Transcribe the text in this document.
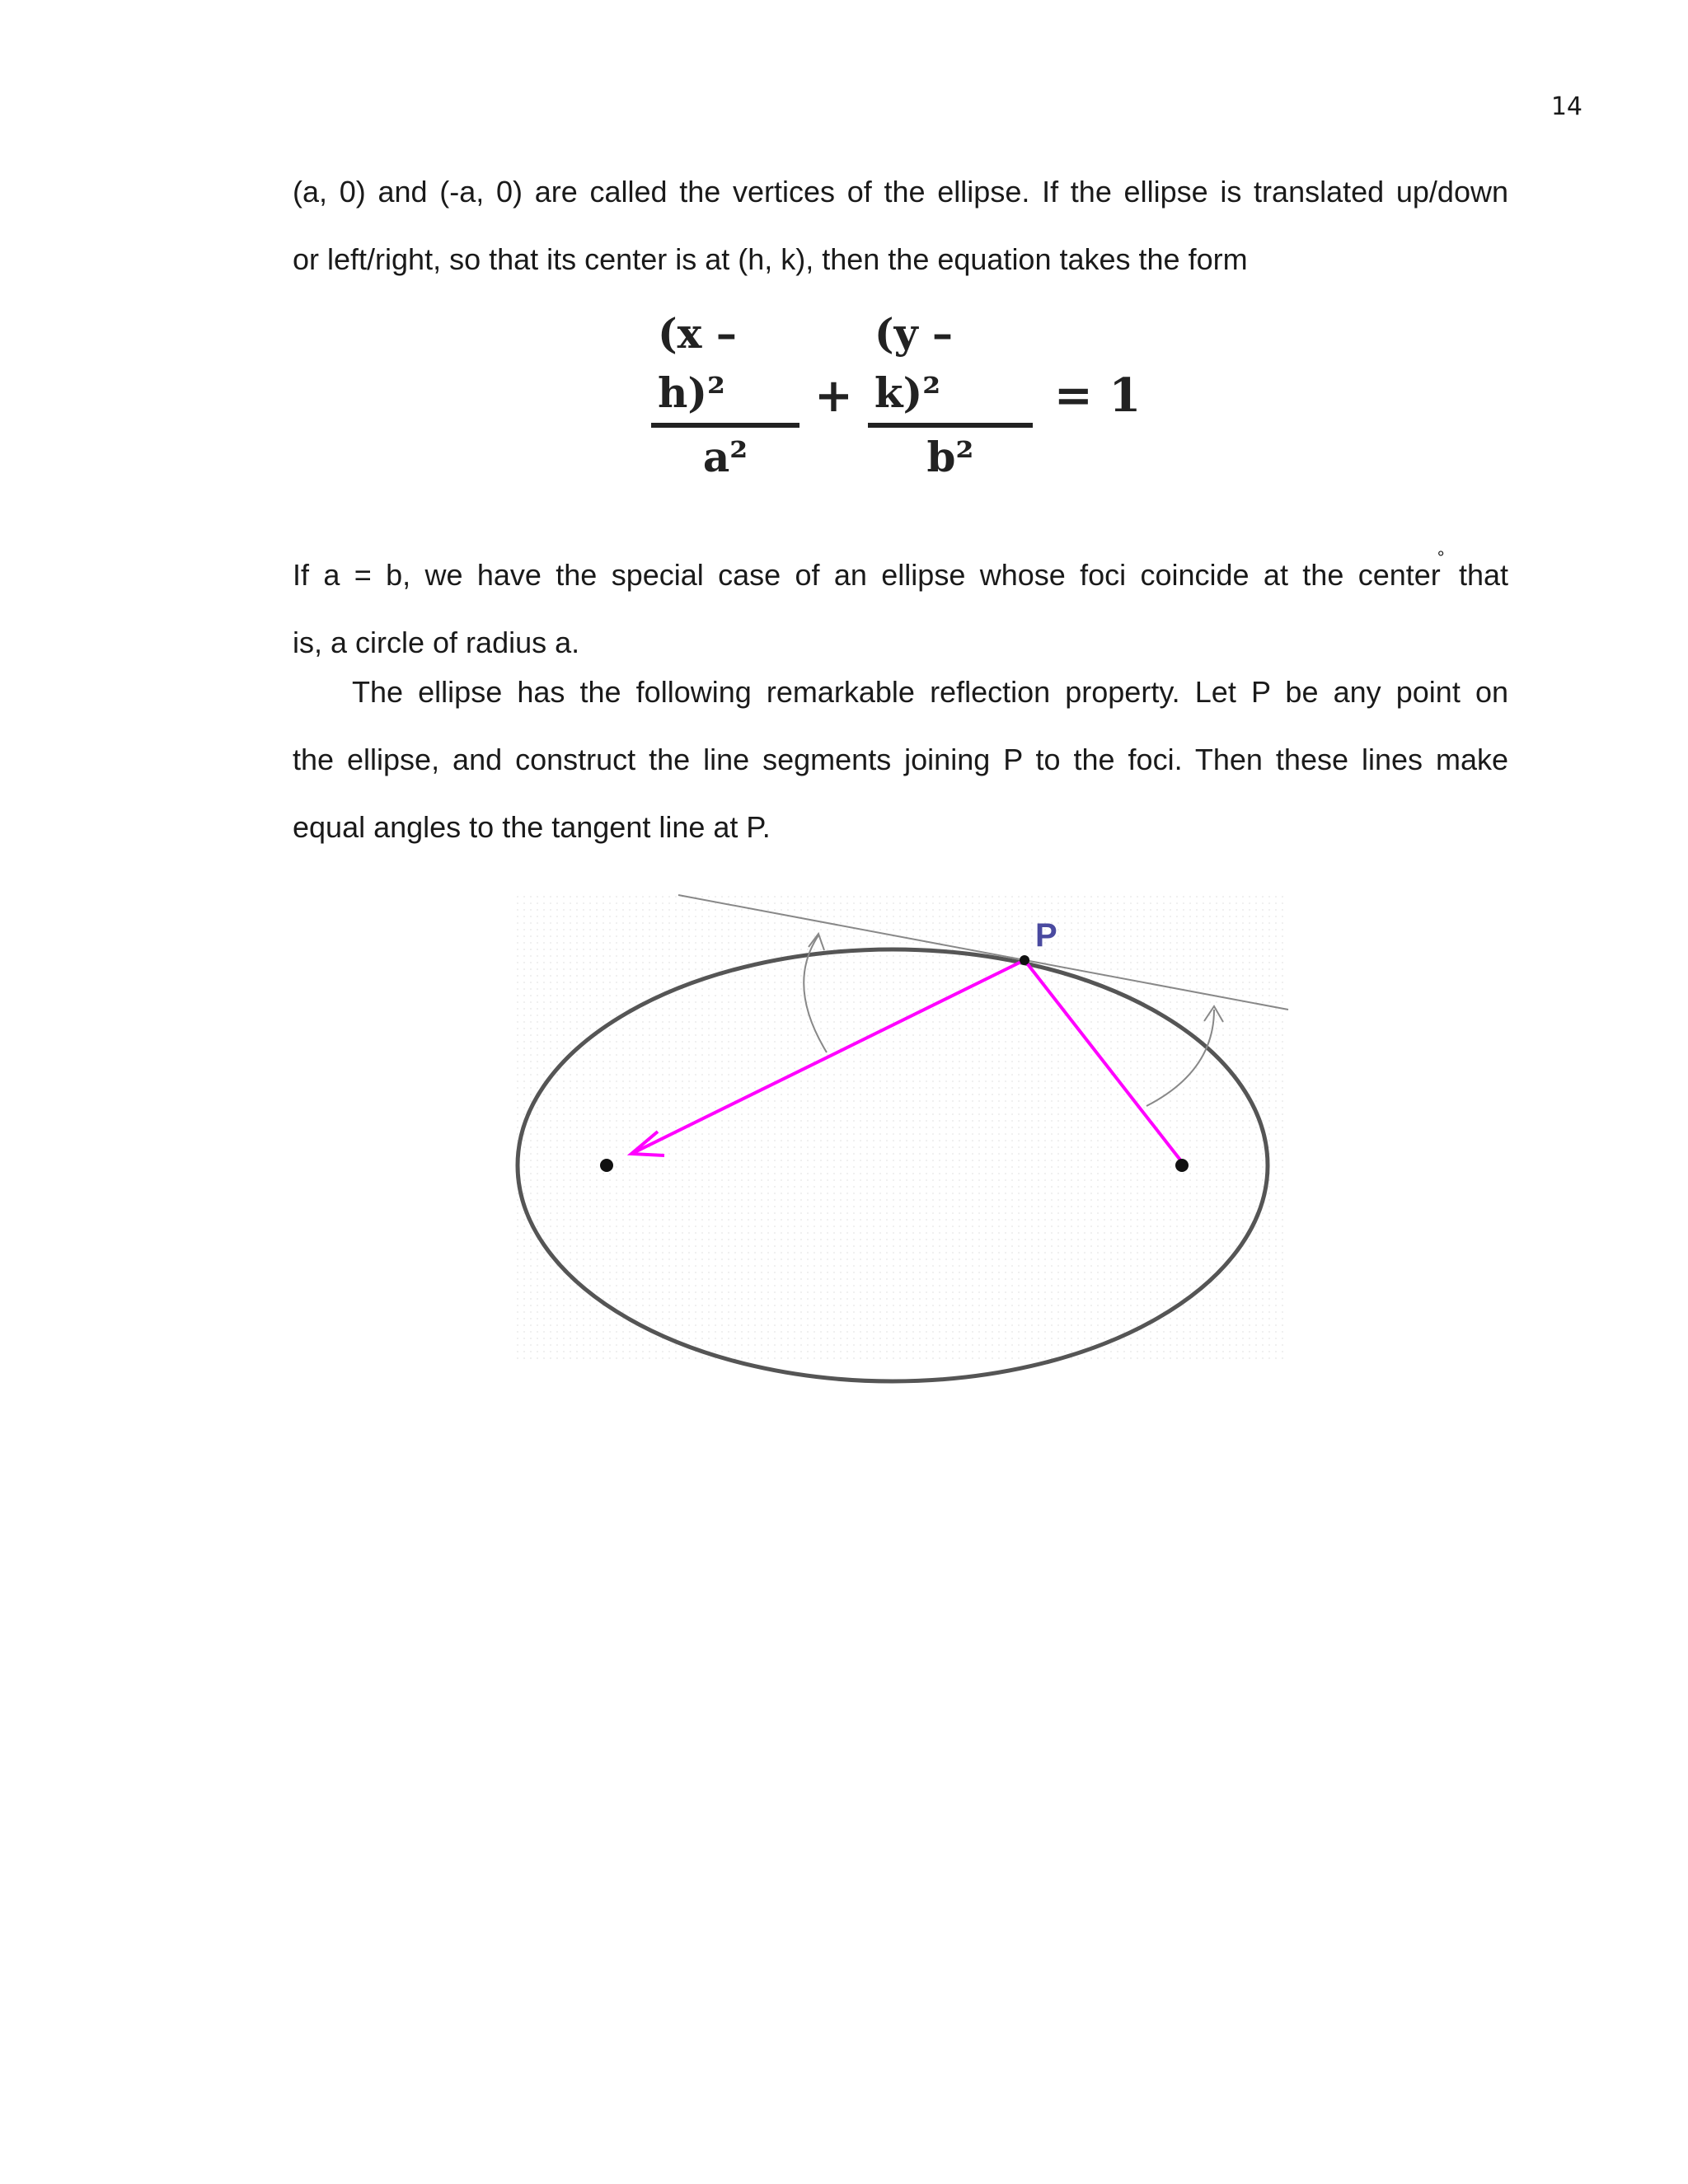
14
(a, 0) and (-a, 0) are called the vertices of the ellipse. If the ellipse is translated up/down
or left/right, so that its center is at (h, k), then the equation takes the form
(x – h)²
a²
+
(y – k)²
b²
= 1
If a = b, we have the special case of an ellipse whose foci coincide at the center° that
is, a circle of radius a.
The ellipse has the following remarkable reflection property. Let P be any point on
the ellipse, and construct the line segments joining P to the foci. Then these lines make
equal angles to the tangent line at P.
P
